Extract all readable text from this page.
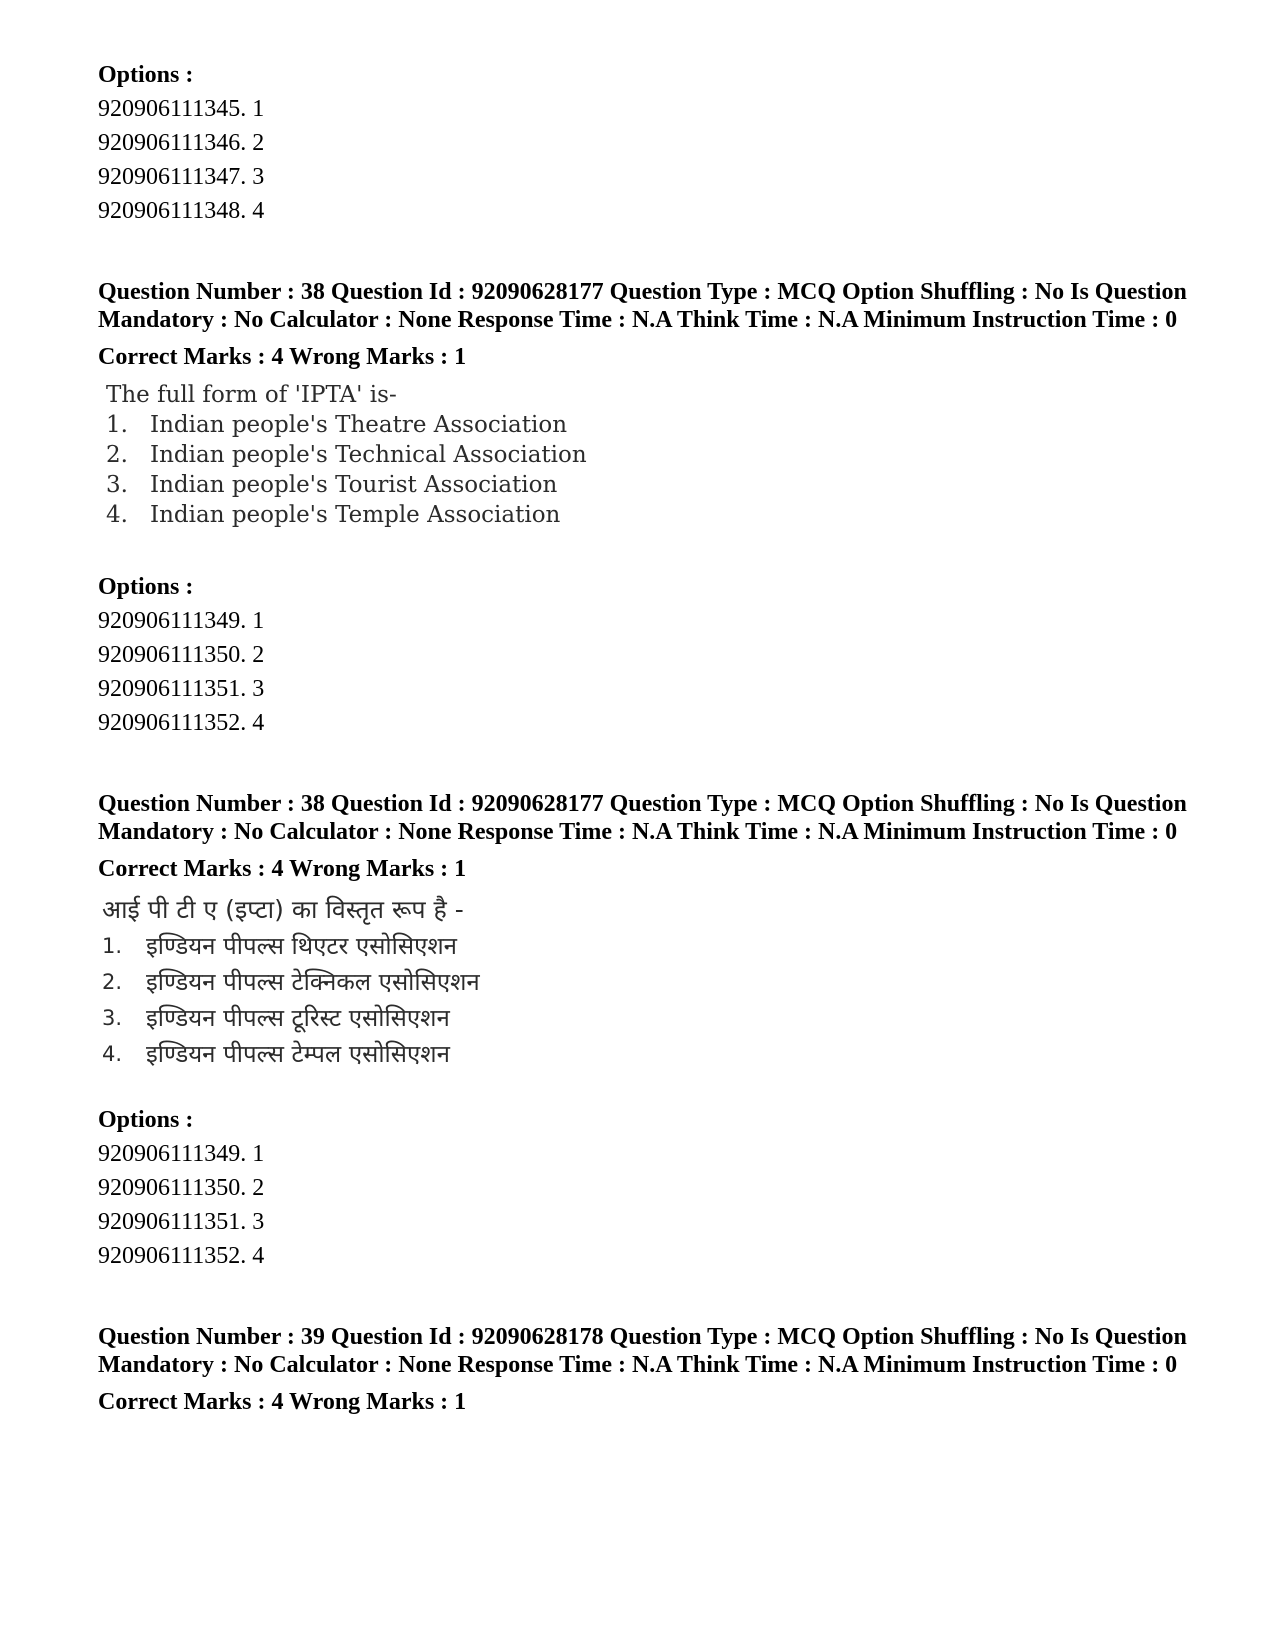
Options :

920906111345. 1

920906111346. 2

920906111347. 3

920906111348. 4

Question Number : 38 Question Id : 92090628177 Question Type : MCQ Option Shuffling : No Is Question Mandatory : No Calculator : None Response Time : N.A Think Time : N.A Minimum Instruction Time : 0

Correct Marks : 4 Wrong Marks : 1

The full form of 'IPTA' is-

1. Indian people's Theatre Association
2. Indian people's Technical Association
3. Indian people's Tourist Association
4. Indian people's Temple Association

Options :

920906111349. 1

920906111350. 2

920906111351. 3

920906111352. 4

Question Number : 38 Question Id : 92090628177 Question Type : MCQ Option Shuffling : No Is Question Mandatory : No Calculator : None Response Time : N.A Think Time : N.A Minimum Instruction Time : 0

Correct Marks : 4 Wrong Marks : 1

आई पी टी ए (इप्टा) का विस्तृत रूप है -

1. इण्डियन पीपल्स थिएटर एसोसिएशन
2. इण्डियन पीपल्स टेक्निकल एसोसिएशन
3. इण्डियन पीपल्स टूरिस्ट एसोसिएशन
4. इण्डियन पीपल्स टेम्पल एसोसिएशन

Options :

920906111349. 1

920906111350. 2

920906111351. 3

920906111352. 4

Question Number : 39 Question Id : 92090628178 Question Type : MCQ Option Shuffling : No Is Question Mandatory : No Calculator : None Response Time : N.A Think Time : N.A Minimum Instruction Time : 0

Correct Marks : 4 Wrong Marks : 1
